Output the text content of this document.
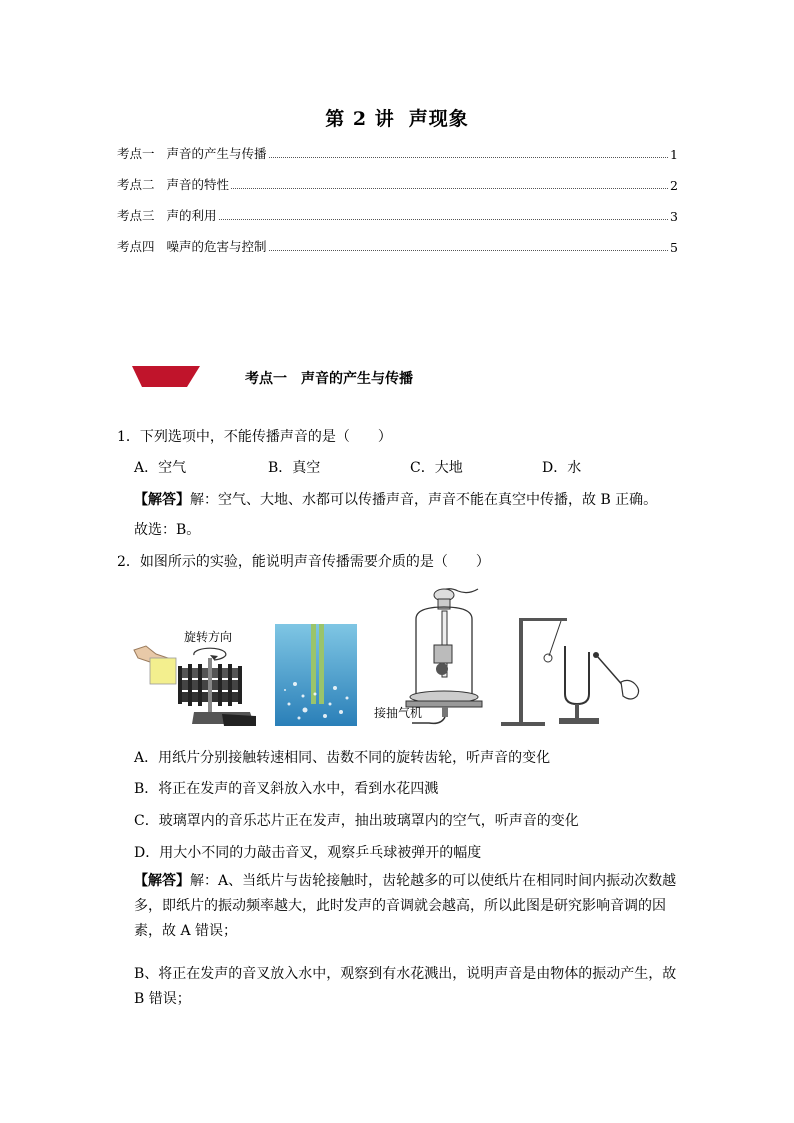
第 2 讲 声现象
考点一 声音的产生与传播	1
考点二 声音的特性	2
考点三 声的利用	3
考点四 噪声的危害与控制	5
考点一 声音的产生与传播
1．下列选项中，不能传播声音的是（　　）
A．空气	B．真空	C．大地	D．水
【解答】解：空气、大地、水都可以传播声音，声音不能在真空中传播，故 B 正确。
故选：B。
2．如图所示的实验，能说明声音传播需要介质的是（　　）
旋转方向
接抽气机
A．用纸片分别接触转速相同、齿数不同的旋转齿轮，听声音的变化
B．将正在发声的音叉斜放入水中，看到水花四溅
C．玻璃罩内的音乐芯片正在发声，抽出玻璃罩内的空气，听声音的变化
D．用大小不同的力敲击音叉，观察乒乓球被弹开的幅度
【解答】解：A、当纸片与齿轮接触时，齿轮越多的可以使纸片在相同时间内振动次数越多，即纸片的振动频率越大，此时发声的音调就会越高，所以此图是研究影响音调的因素，故 A 错误；
B、将正在发声的音叉放入水中，观察到有水花溅出，说明声音是由物体的振动产生，故 B 错误；
